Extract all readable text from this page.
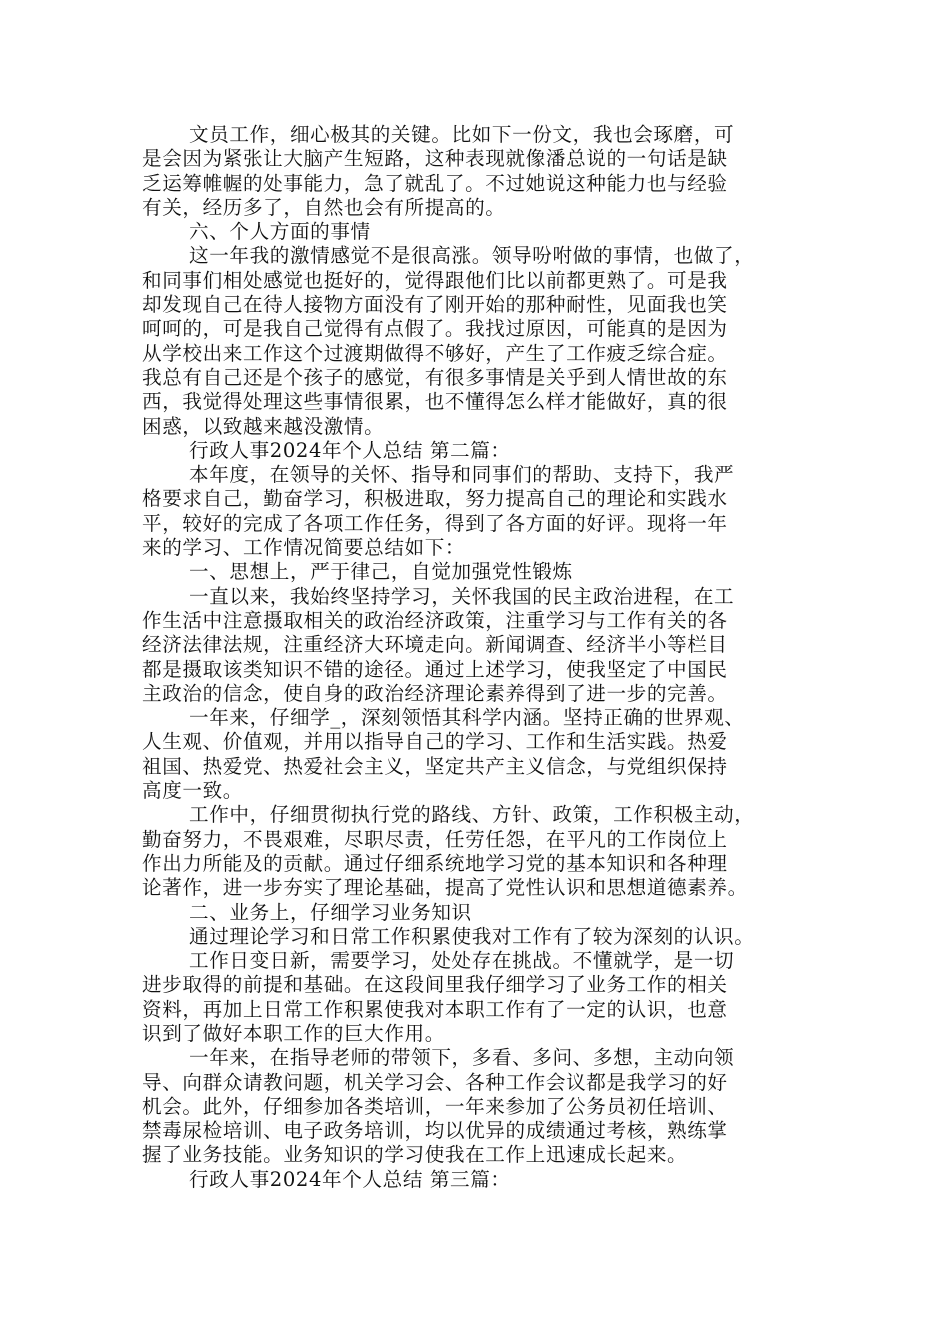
文员工作，细心极其的关键。比如下一份文，我也会琢磨，可
是会因为紧张让大脑产生短路，这种表现就像潘总说的一句话是缺
乏运筹帷幄的处事能力，急了就乱了。不过她说这种能力也与经验
有关，经历多了，自然也会有所提高的。
六、个人方面的事情
这一年我的激情感觉不是很高涨。领导吩咐做的事情，也做了，
和同事们相处感觉也挺好的，觉得跟他们比以前都更熟了。可是我
却发现自己在待人接物方面没有了刚开始的那种耐性，见面我也笑
呵呵的，可是我自己觉得有点假了。我找过原因，可能真的是因为
从学校出来工作这个过渡期做得不够好，产生了工作疲乏综合症。
我总有自己还是个孩子的感觉，有很多事情是关乎到人情世故的东
西，我觉得处理这些事情很累，也不懂得怎么样才能做好，真的很
困惑，以致越来越没激情。
行政人事2024年个人总结 第二篇：
本年度，在领导的关怀、指导和同事们的帮助、支持下，我严
格要求自己，勤奋学习，积极进取，努力提高自己的理论和实践水
平，较好的完成了各项工作任务，得到了各方面的好评。现将一年
来的学习、工作情况简要总结如下：
一、思想上，严于律己，自觉加强党性锻炼
一直以来，我始终坚持学习，关怀我国的民主政治进程，在工
作生活中注意摄取相关的政治经济政策，注重学习与工作有关的各
经济法律法规，注重经济大环境走向。新闻调查、经济半小等栏目
都是摄取该类知识不错的途径。通过上述学习，使我坚定了中国民
主政治的信念，使自身的政治经济理论素养得到了进一步的完善。
一年来，仔细学_，深刻领悟其科学内涵。坚持正确的世界观、
人生观、价值观，并用以指导自己的学习、工作和生活实践。热爱
祖国、热爱党、热爱社会主义，坚定共产主义信念，与党组织保持
高度一致。
工作中，仔细贯彻执行党的路线、方针、政策，工作积极主动，
勤奋努力，不畏艰难，尽职尽责，任劳任怨，在平凡的工作岗位上
作出力所能及的贡献。通过仔细系统地学习党的基本知识和各种理
论著作，进一步夯实了理论基础，提高了党性认识和思想道德素养。
二、业务上，仔细学习业务知识
通过理论学习和日常工作积累使我对工作有了较为深刻的认识。
工作日变日新，需要学习，处处存在挑战。不懂就学，是一切
进步取得的前提和基础。在这段间里我仔细学习了业务工作的相关
资料，再加上日常工作积累使我对本职工作有了一定的认识，也意
识到了做好本职工作的巨大作用。
一年来，在指导老师的带领下，多看、多问、多想，主动向领
导、向群众请教问题，机关学习会、各种工作会议都是我学习的好
机会。此外，仔细参加各类培训，一年来参加了公务员初任培训、
禁毒尿检培训、电子政务培训，均以优异的成绩通过考核，熟练掌
握了业务技能。业务知识的学习使我在工作上迅速成长起来。
行政人事2024年个人总结 第三篇：
